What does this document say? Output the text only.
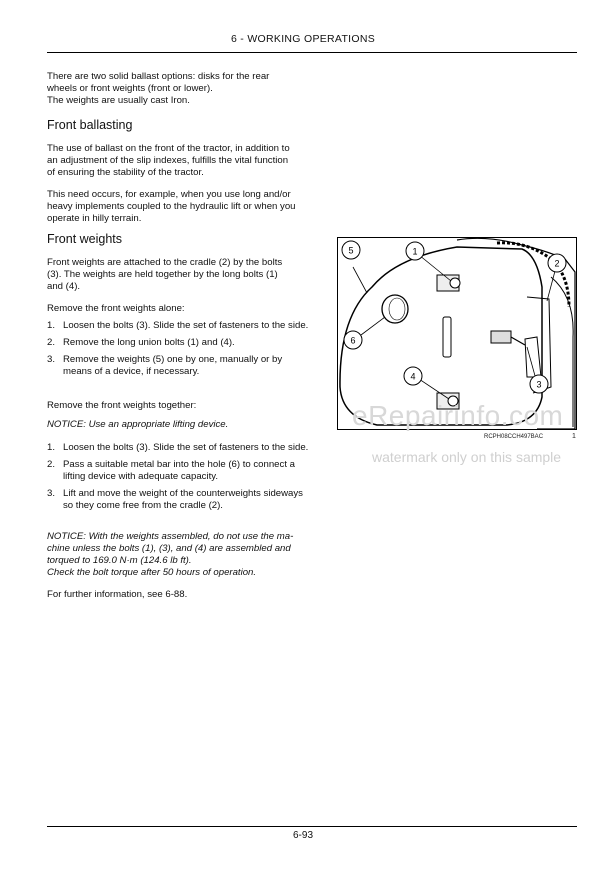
6 - WORKING OPERATIONS
There are two solid ballast options: disks for the rear
wheels or front weights (front or lower).
The weights are usually cast Iron.
Front ballasting
The use of ballast on the front of the tractor, in addition to
an adjustment of the slip indexes, fulfills the vital function
of ensuring the stability of the tractor.
This need occurs, for example, when you use long and/or
heavy implements coupled to the hydraulic lift or when you
operate in hilly terrain.
Front weights
Front weights are attached to the cradle (2) by the bolts
(3). The weights are held together by the long bolts (1)
and (4).
Remove the front weights alone:
1. Loosen the bolts (3). Slide the set of fasteners to the side.
2. Remove the long union bolts (1) and (4).
3. Remove the weights (5) one by one, manually or by means of a device, if necessary.
Remove the front weights together:
NOTICE: Use an appropriate lifting device.
1. Loosen the bolts (3). Slide the set of fasteners to the side.
2. Pass a suitable metal bar into the hole (6) to connect a lifting device with adequate capacity.
3. Lift and move the weight of the counterweights sideways so they come free from the cradle (2).
NOTICE: With the weights assembled, do not use the ma-
chine unless the bolts (1), (3), and (4) are assembled and
torqued to 169.0 N·m (124.6 lb ft).
Check the bolt torque after 50 hours of operation.
For further information, see 6-88.
1
2
3
4
5
6
RCPH08CCH497BAC	1
eRepairinfo.com
watermark only on this sample
6-93
